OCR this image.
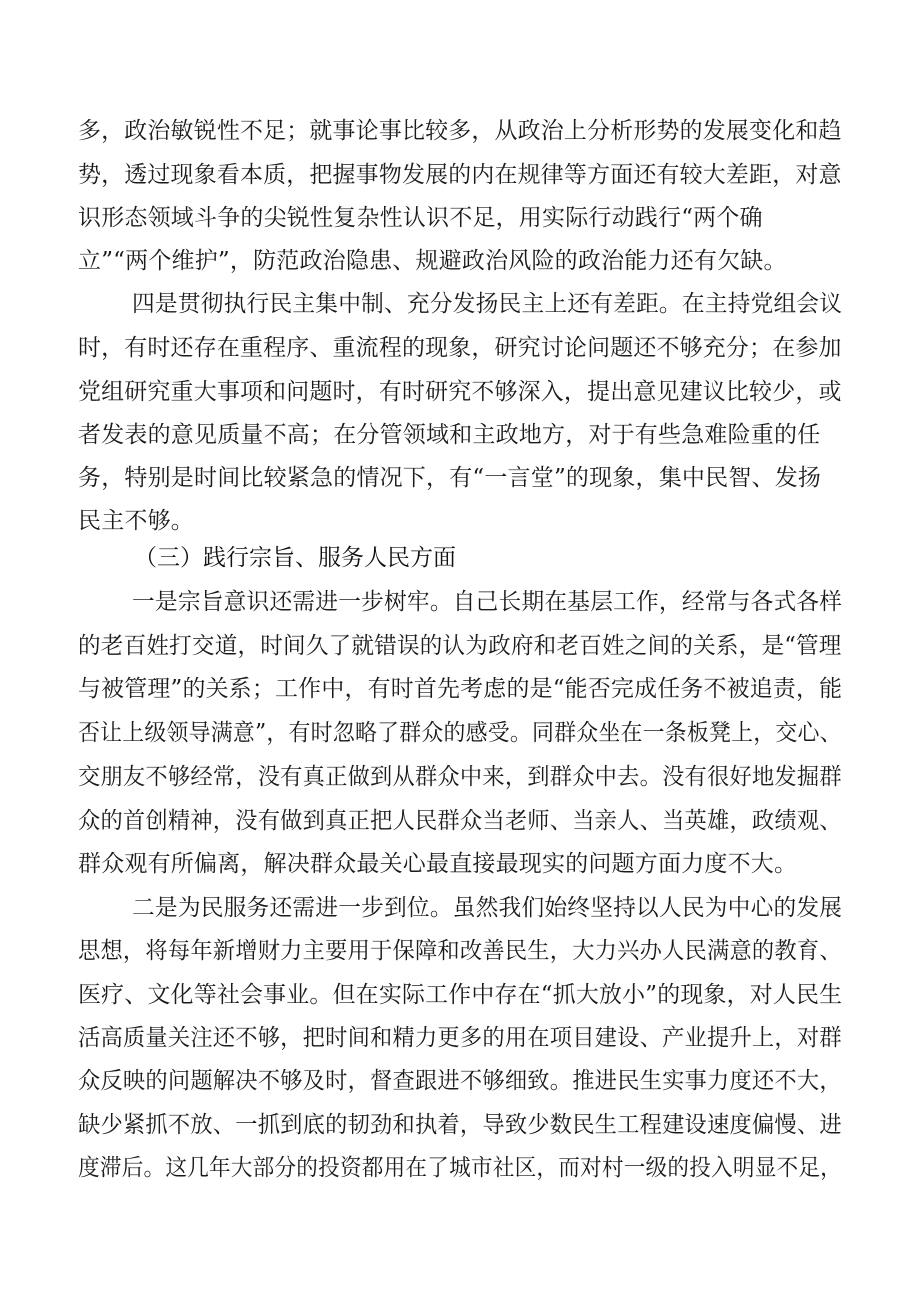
多，政治敏锐性不足；就事论事比较多，从政治上分析形势的发展变化和趋
势，透过现象看本质，把握事物发展的内在规律等方面还有较大差距，对意
识形态领域斗争的尖锐性复杂性认识不足，用实际行动践行“两个确
立”“两个维护”，防范政治隐患、规避政治风险的政治能力还有欠缺。
四是贯彻执行民主集中制、充分发扬民主上还有差距。在主持党组会议
时，有时还存在重程序、重流程的现象，研究讨论问题还不够充分；在参加
党组研究重大事项和问题时，有时研究不够深入，提出意见建议比较少，或
者发表的意见质量不高；在分管领域和主政地方，对于有些急难险重的任
务，特别是时间比较紧急的情况下，有“一言堂”的现象，集中民智、发扬
民主不够。
（三）践行宗旨、服务人民方面
一是宗旨意识还需进一步树牢。自己长期在基层工作，经常与各式各样
的老百姓打交道，时间久了就错误的认为政府和老百姓之间的关系，是“管理
与被管理”的关系；工作中，有时首先考虑的是“能否完成任务不被追责，能
否让上级领导满意”，有时忽略了群众的感受。同群众坐在一条板凳上，交心、
交朋友不够经常，没有真正做到从群众中来，到群众中去。没有很好地发掘群
众的首创精神，没有做到真正把人民群众当老师、当亲人、当英雄，政绩观、
群众观有所偏离，解决群众最关心最直接最现实的问题方面力度不大。
二是为民服务还需进一步到位。虽然我们始终坚持以人民为中心的发展
思想，将每年新增财力主要用于保障和改善民生，大力兴办人民满意的教育、
医疗、文化等社会事业。但在实际工作中存在“抓大放小”的现象，对人民生
活高质量关注还不够，把时间和精力更多的用在项目建设、产业提升上，对群
众反映的问题解决不够及时，督查跟进不够细致。推进民生实事力度还不大，
缺少紧抓不放、一抓到底的韧劲和执着，导致少数民生工程建设速度偏慢、进
度滞后。这几年大部分的投资都用在了城市社区，而对村一级的投入明显不足，
